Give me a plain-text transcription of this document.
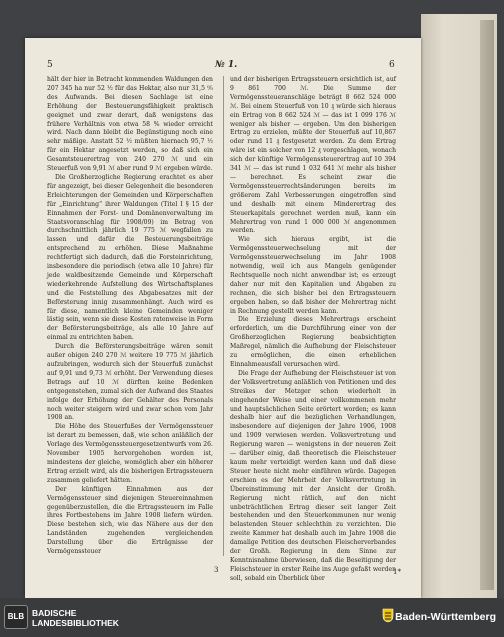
5	№ 1.	6

hält der hier in Betracht kommenden Waldungen den 207 345 ha nur 52 ½ für das Hektar, also nur 31,5 ⁰⁄₀ des Aufwands. Bei diesen Sachlage ist eine Erhöhung der Besteuerungsfähigkeit praktisch geeignet und zwar derart, daß wenigstens das frühere Verhältnis von etwa 58 % wieder erreicht wird. Nach dann bleibt die Begünstigung noch eine sehr mäßige. Anstatt 52 ½ müßten hiernach 95,7 ½ für ein Hektar angesetzt werden, so daß sich ein Gesamtsteuerertrag von 240 270 ℳ und ein Steuerfuß von 9,91 ℳ aber rund 9 ℳ ergeben würde.

Die Großherzogliche Regierung erachtet es aber für angezeigt, bei dieser Gelegenheit die besonderen Erleichterungen der Gemeinden und Körperschaften für „Einrichtung“ ihrer Waldungen (Titel I § 15 der Einnahmen der Forst- und Domänenverwaltung im Staatsvoranschlag für 1908/09) im Betrag von durchschnittlich jährlich 19 775 ℳ wegfallen zu lassen und dafür die Besteuerungsbeiträge entsprechend zu erhöhen. Diese Maßnahme rechtfertigt sich dadurch, daß die Forsteinrichtung, insbesondere die periodisch (etwa alle 10 Jahre) für jede waldbesitzende Gemeinde und Körperschaft wiederkehrende Aufstellung des Wirtschaftsplanes und die Feststellung des Abgabesatzes mit der Beförsterung innig zusammenhängt. Auch wird es für diese, namentlich kleine Gemeinden weniger lästig sein, wenn sie diese Kosten ratenweise in Form der Beförsterungsbeiträge, als alle 10 Jahre auf einmal zu entrichten haben.

Durch die Beförsterungsbeiträge wären somit außer obigen 240 270 ℳ weitere 19 775 ℳ jährlich aufzubringen, wodurch sich der Steuerfuß zunächst auf 9,91 und 9,73 ℳ erhöht. Der Verwendung dieses Betrags auf 10 ℳ dürften keine Bedenken entgegenstehen, zumal sich der Aufwand des Staates infolge der Erhöhung der Gehälter des Personals noch weiter steigern wird und zwar schon vom Jahr 1908 an.

Die Höhe des Steuerfußes der Vermögenssteuer ist derart zu bemessen, daß, wie schon anläßlich der Vorlage des Vermögenssteuergesetzentwurfs vom 26. November 1905 hervorgehoben worden ist, mindestens der gleiche, womöglich aber ein höherer Ertrag erzielt wird, als die bisherigen Ertragssteuern zusammen geliefert hätten.

Der künftigen Einnahmen aus der Vermögenssteuer sind diejenigen Steuereinnahmen gegenüberzustellen, die die Ertragssteuern im Falle ihres Fortbestehens im Jahre 1908 liefern würden. Diese bestehen sich, wie das Nähere aus der den Landständen zugehenden vergleichenden Darstellung über die Erträgnisse der Vermögenssteuer

und der bisherigen Ertragssteuern ersichtlich ist, auf 9 861 700 ℳ. Die Summe der Vermögenssteueranschläge beträgt 8 662 524 000 ℳ. Bei einem Steuerfuß von 10 ₰ würde sich hieraus ein Ertrag von 8 662 524 ℳ — das ist 1 099 176 ℳ weniger als bisher — ergeben. Um den bisherigen Ertrag zu erzielen, müßte der Steuerfuß auf 10,867 oder rund 11 ₰ festgesetzt werden. Zu dem Ertrag wäre ist ein solcher von 12 ₰ vorgeschlagen, wonach sich der künftige Vermögenssteuerertrag auf 10 394 341 ℳ — das ist rund 1 032 641 ℳ mehr als bisher — berechnet. Es scheint zwar die Vermögenssteuerrechtsänderungen bereits im größerem Zahl Verbesserungen eingetroffen sind und deshalb mit einem Minderertrag des Steuerkapitals gerechnet werden muß, kann ein Mehrertrag von rund 1 000 000 ℳ angenommen werden.

Wie sich hieraus ergibt, ist die Vermögenssteuerwechselung mit der Vermögenssteuerwechselung im Jahr 1908 notwendig, weil ich aus Mangeln genügender Rechtsquelle noch nicht anwendbar ist; es erzeugt daher nur mit den Kapitalien und Abgaben zu rechnen, die sich bisher bei den Ertragssteuern ergeben haben, so daß bisher der Mehrertrag nicht in Rechnung gestellt werden kann.

Die Erzielung dieses Mehrertrags erscheint erforderlich, um die Durchführung einer von der Großherzoglichen Regierung beabsichtigten Maßregel, nämlich die Aufhebung der Fleischsteuer zu ermöglichen, die einen erheblichen Einnahmeausfall verursachen wird.

Die Frage der Aufhebung der Fleischsteuer ist von der Volksvertretung anläßlich von Petitionen und des Streikes der Metzger schon wiederholt in eingehender Weise und einer vollkommenen mehr und hauptsächlichen Seite erörtert worden; es kann deshalb hier auf die bezüglichen Verhandlungen, insbesondere auf diejenigen der Jahre 1906, 1908 und 1909 verwiesen werden. Volksvertretung und Regierung waren — wenigstens in der neueren Zeit — darüber einig, daß theoretisch die Fleischsteuer kaum mehr verteidigt werden kann und daß diese Steuer heute nicht mehr einführen würde. Dagegen erschien es der Mehrheit der Volksvertretung in Übereinstimmung mit der Ansicht der Großh. Regierung nicht rätlich, auf den nicht unbeträchtlichen Ertrag dieser seit langer Zeit bestehenden und den Steuerkommunen nur wenig belastenden Steuer schlechthin zu verzichten. Die zweite Kammer hat deshalb auch im Jahre 1908 die damalige Petition des deutschen Fleischerverbandes der Großh. Regierung in dem Sinne zur Kenntnisnahme überwiesen, daß die Beseitigung der Fleischsteuer in erster Reihe ins Auge gefaßt werden soll, sobald ein Überblick über

3	1*
BLB BADISCHE
LANDESBIBLIOTHEK	Baden-Württemberg
